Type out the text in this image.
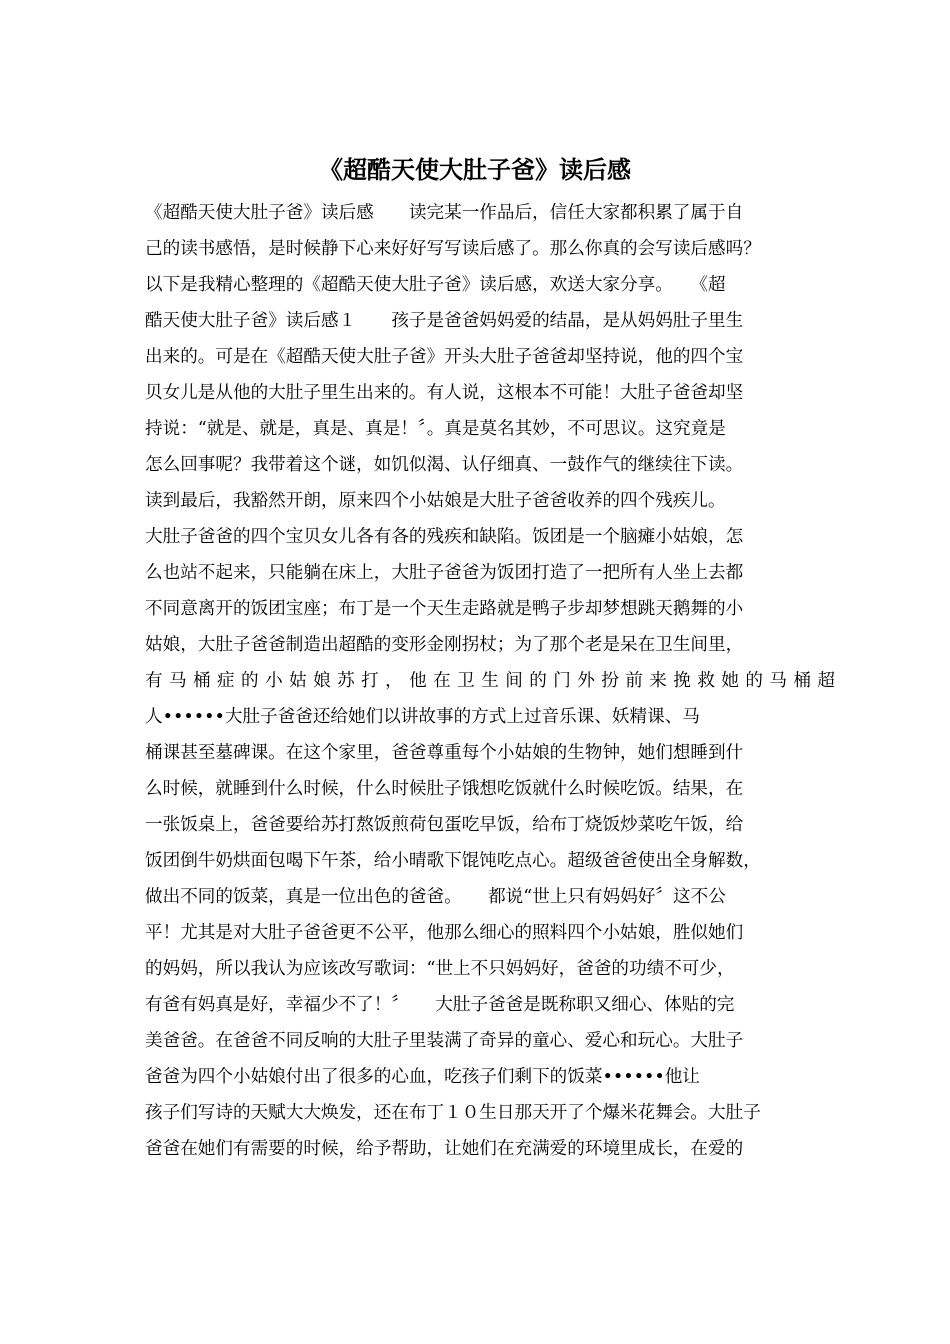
《超酷天使大肚子爸》读后感
《超酷天使大肚子爸》读后感　　读完某一作品后，信任大家都积累了属于自
己的读书感悟，是时候静下心来好好写写读后感了。那么你真的会写读后感吗？
以下是我精心整理的《超酷天使大肚子爸》读后感，欢送大家分享。　　《超
酷天使大肚子爸》读后感１　　孩子是爸爸妈妈爱的结晶，是从妈妈肚子里生
出来的。可是在《超酷天使大肚子爸》开头大肚子爸爸却坚持说，他的四个宝
贝女儿是从他的大肚子里生出来的。有人说，这根本不可能！大肚子爸爸却坚
持说：“就是、就是，真是、真是！〞。真是莫名其妙，不可思议。这究竟是
怎么回事呢？我带着这个谜，如饥似渴、认仔细真、一鼓作气的继续往下读。
读到最后，我豁然开朗，原来四个小姑娘是大肚子爸爸收养的四个残疾儿。
大肚子爸爸的四个宝贝女儿各有各的残疾和缺陷。饭团是一个脑瘫小姑娘，怎
么也站不起来，只能躺在床上，大肚子爸爸为饭团打造了一把所有人坐上去都
不同意离开的饭团宝座；布丁是一个天生走路就是鸭子步却梦想跳天鹅舞的小
姑娘，大肚子爸爸制造出超酷的变形金刚拐杖；为了那个老是呆在卫生间里，
有马桶症的小姑娘苏打，他在卫生间的门外扮前来挽救她的马桶超
人••••••大肚子爸爸还给她们以讲故事的方式上过音乐课、妖精课、马
桶课甚至墓碑课。在这个家里，爸爸尊重每个小姑娘的生物钟，她们想睡到什
么时候，就睡到什么时候，什么时候肚子饿想吃饭就什么时候吃饭。结果，在
一张饭桌上，爸爸要给苏打熬饭煎荷包蛋吃早饭，给布丁烧饭炒菜吃午饭，给
饭团倒牛奶烘面包喝下午茶，给小晴歌下馄饨吃点心。超级爸爸使出全身解数，
做出不同的饭菜，真是一位出色的爸爸。　　都说“世上只有妈妈好〞这不公
平！尤其是对大肚子爸爸更不公平，他那么细心的照料四个小姑娘，胜似她们
的妈妈，所以我认为应该改写歌词：“世上不只妈妈好，爸爸的功绩不可少，
有爸有妈真是好，幸福少不了！〞　　大肚子爸爸是既称职又细心、体贴的完
美爸爸。在爸爸不同反响的大肚子里装满了奇异的童心、爱心和玩心。大肚子
爸爸为四个小姑娘付出了很多的心血，吃孩子们剩下的饭菜••••••他让
孩子们写诗的天赋大大焕发，还在布丁１０生日那天开了个爆米花舞会。大肚子
爸爸在她们有需要的时候，给予帮助，让她们在充满爱的环境里成长，在爱的
